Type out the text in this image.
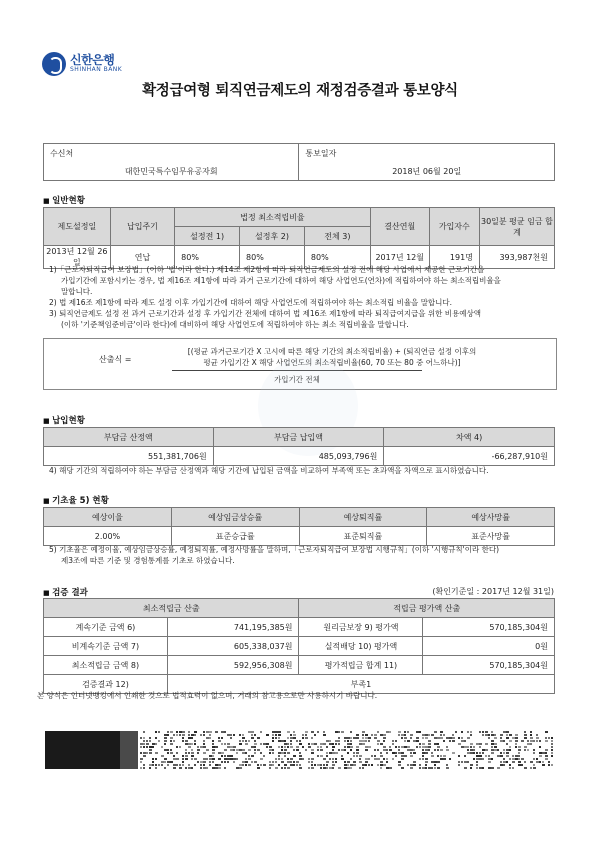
신한은행
SHINHAN BANK
확정급여형 퇴직연금제도의 재정검증결과 통보양식
수신처	통보일자
대한민국특수임무유공자회	2018년 06월 20일
■ 일반현황
제도설정일	납입주기	법정 최소적립비율			결산연월	가입자수	30일분 평균 임금 합계
		설정전 1)	설정후 2)	전체 3)			
2013년 12월 26일	연납	80%	80%	80%	2017년 12월	191명	393,987천원
1)「근로자퇴직급여 보장법」(이하 '법'이라 한다.) 제14조 제2항에 따라 퇴직연금제도의 설정 전에 해당 사업에서 제공한 근로기간을
가입기간에 포함시키는 경우, 법 제16조 제1항에 따라 과거 근로기간에 대하여 해당 사업연도(연차)에 적립하여야 하는 최소적립비율을
말합니다.
2) 법 제16조 제1항에 따라 제도 설정 이후 가입기간에 대하여 해당 사업연도에 적립하여야 하는 최소적립 비율을 말합니다.
3) 퇴직연금제도 설정 전 과거 근로기간과 설정 후 가입기간 전체에 대하여 법 제16조 제1항에 따라 퇴직급여지급을 위한 비용예상액
(이하 '기준책임준비금'이라 한다)에 대비하여 해당 사업연도에 적립하여야 하는 최소 적립비율을 말합니다.
산출식 =
[(평균 과거근로기간 X 고시에 따른 해당 기간의 최소적립비율) + (퇴직연금 설정 이후의
평균 가입기간 X 해당 사업연도의 최소적립비율(60, 70 또는 80 중 어느하나)]
가입기간 전체
■ 납입현황
부담금 산정액	부담금 납입액	차액 4)
551,381,706원	485,093,796원	-66,287,910원
4) 해당 기간의 적립하여야 하는 부담금 산정액과 해당 기간에 납입된 금액을 비교하여 부족액 또는 초과액을 차액으로 표시하였습니다.
■ 기초율 5) 현황
예상이율	예상임금상승률	예상퇴직률	예상사망률
2.00%	표준승급률	표준퇴직률	표준사망률
5) 기초율은 예정이율, 예상임금상승률, 예정퇴직률, 예정사망률을 말하며,「근로자퇴직급여 보장법 시행규칙」(이하 '시행규칙'이라 한다)
제3조에 따른 기준 및 경험통계를 기초로 하였습니다.
■ 검증 결과	(확인기준일 : 2017년 12월 31일)
최소적립금 산출		적립금 평가액 산출	
계속기준 금액 6)	741,195,385원	원리금보장 9) 평가액	570,185,304원
비계속기준 금액 7)	605,338,037원	실적배당 10) 평가액	0원
최소적립금 금액 8)	592,956,308원	평가적립금 합계 11)	570,185,304원
검증결과 12)	부족1		
본 양식은 인터넷뱅킹에서 인쇄한 것으로 법적효력이 없으며, 거래의 참고용으로만 사용하시기 바랍니다.
